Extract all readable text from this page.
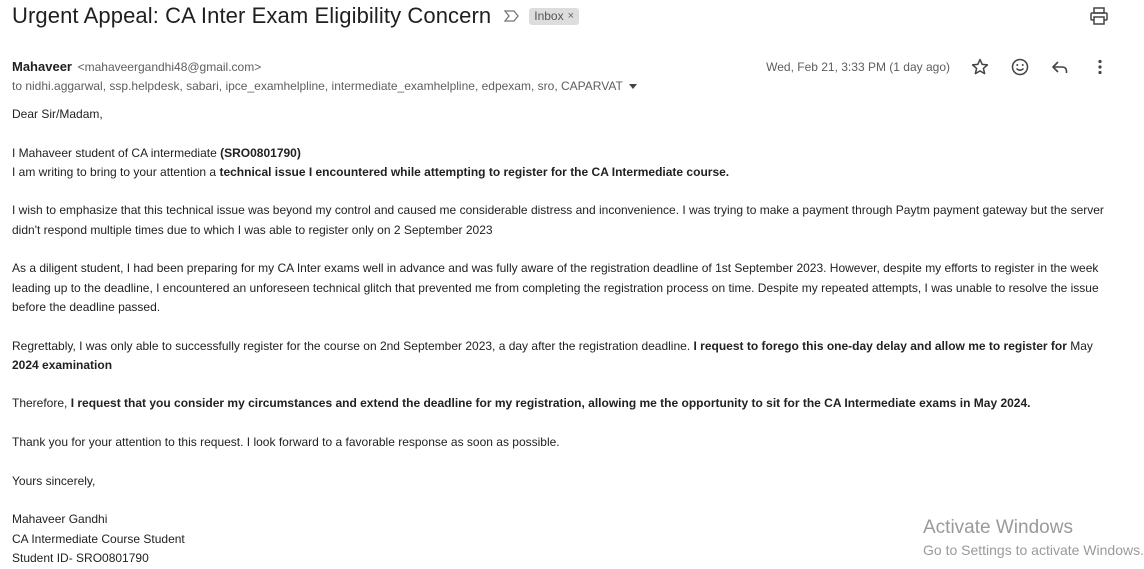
Urgent Appeal: CA Inter Exam Eligibility Concern	Inbox ×
Mahaveer <mahaveergandhi48@gmail.com>
to nidhi.aggarwal, ssp.helpdesk, sabari, ipce_examhelpline, intermediate_examhelpline, edpexam, sro, CAPARVAT
Wed, Feb 21, 3:33 PM (1 day ago)

Dear Sir/Madam,

I Mahaveer student of CA intermediate (SRO0801790)

I am writing to bring to your attention a technical issue I encountered while attempting to register for the CA Intermediate course.

I wish to emphasize that this technical issue was beyond my control and caused me considerable distress and inconvenience. I was trying to make a payment through Paytm payment gateway but the server didn't respond multiple times due to which I was able to register only on 2 September 2023

As a diligent student, I had been preparing for my CA Inter exams well in advance and was fully aware of the registration deadline of 1st September 2023. However, despite my efforts to register in the week leading up to the deadline, I encountered an unforeseen technical glitch that prevented me from completing the registration process on time. Despite my repeated attempts, I was unable to resolve the issue before the deadline passed.

Regrettably, I was only able to successfully register for the course on 2nd September 2023, a day after the registration deadline. I request to forego this one-day delay and allow me to register for May 2024 examination

Therefore, I request that you consider my circumstances and extend the deadline for my registration, allowing me the opportunity to sit for the CA Intermediate exams in May 2024.

Thank you for your attention to this request. I look forward to a favorable response as soon as possible.

Yours sincerely,

Mahaveer Gandhi

CA Intermediate Course Student

Student ID- SRO0801790

Activate Windows
Go to Settings to activate Windows.
